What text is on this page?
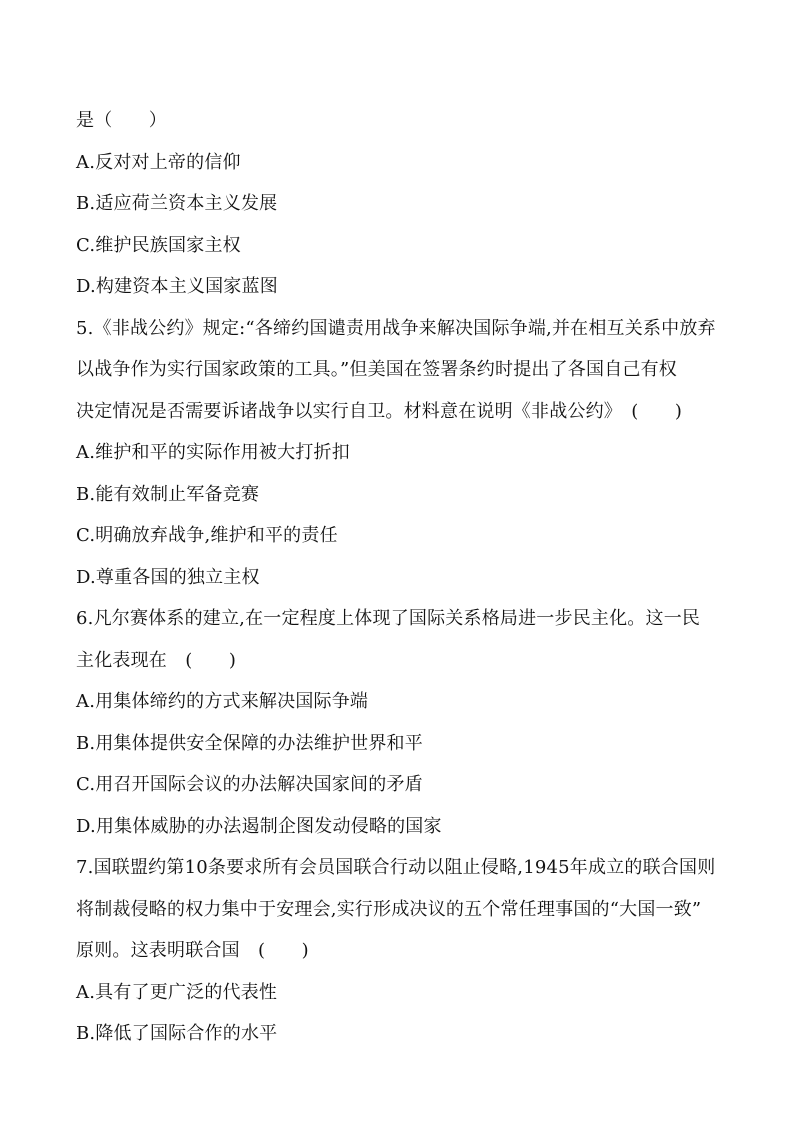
是（　　）
A.反对对上帝的信仰
B.适应荷兰资本主义发展
C.维护民族国家主权
D.构建资本主义国家蓝图
5.《非战公约》规定:“各缔约国谴责用战争来解决国际争端,并在相互关系中放弃
以战争作为实行国家政策的工具。”但美国在签署条约时提出了各国自己有权
决定情况是否需要诉诸战争以实行自卫。材料意在说明《非战公约》　(　　)
A.维护和平的实际作用被大打折扣
B.能有效制止军备竞赛
C.明确放弃战争,维护和平的责任
D.尊重各国的独立主权
6.凡尔赛体系的建立,在一定程度上体现了国际关系格局进一步民主化。这一民
主化表现在　(　　)
A.用集体缔约的方式来解决国际争端
B.用集体提供安全保障的办法维护世界和平
C.用召开国际会议的办法解决国家间的矛盾
D.用集体威胁的办法遏制企图发动侵略的国家
7.国联盟约第10条要求所有会员国联合行动以阻止侵略,1945年成立的联合国则
将制裁侵略的权力集中于安理会,实行形成决议的五个常任理事国的“大国一致”
原则。这表明联合国　(　　)
A.具有了更广泛的代表性
B.降低了国际合作的水平
